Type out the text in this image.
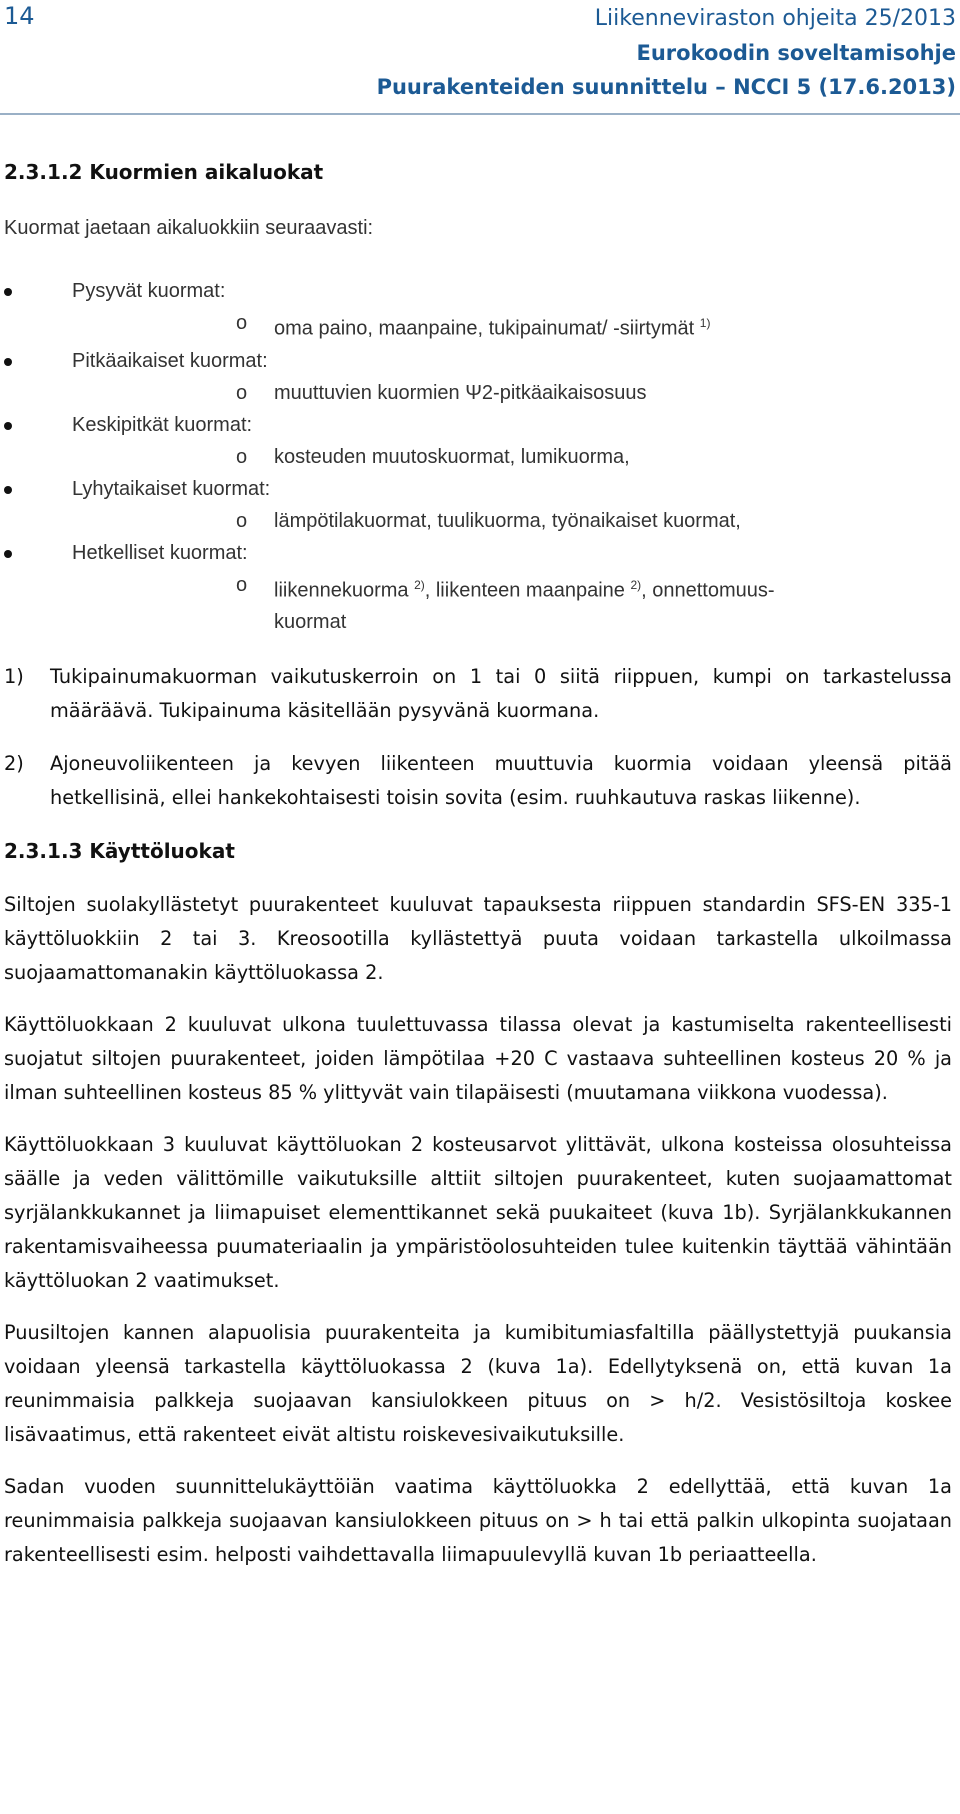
14	Liikenneviraston ohjeita 25/2013
Eurokoodin soveltamisohje
Puurakenteiden suunnittelu – NCCI 5 (17.6.2013)
2.3.1.2 Kuormien aikaluokat

Kuormat jaetaan aikaluokkiin seuraavasti:

Pysyvät kuormat:
o oma paino, maanpaine, tukipainumat/ -siirtymät $^{1)}$
Pitkäaikaiset kuormat:
o muuttuvien kuormien Ψ2-pitkäaikaisosuus
Keskipitkät kuormat:
o kosteuden muutoskuormat, lumikuorma,
Lyhytaikaiset kuormat:
o lämpötilakuormat, tuulikuorma, työnaikaiset kuormat,
Hetkelliset kuormat:
o liikennekuorma $^{2)}$, liikenteen maanpaine $^{2)}$, onnettomuus-
kuormat
1)	Tukipainumakuorman vaikutuskerroin on 1 tai 0 siitä riippuen, kumpi on tarkastelussa määräävä. Tukipainuma käsitellään pysyvänä kuormana.
2)	Ajoneuvoliikenteen ja kevyen liikenteen muuttuvia kuormia voidaan yleensä pitää hetkellisinä, ellei hankekohtaisesti toisin sovita (esim. ruuhkautuva raskas liikenne).
2.3.1.3 Käyttöluokat

Siltojen suolakyllästetyt puurakenteet kuuluvat tapauksesta riippuen standardin SFS-EN 335-1 käyttöluokkiin 2 tai 3. Kreosootilla kyllästettyä puuta voidaan tarkastella ulkoilmassa suojaamattomanakin käyttöluokassa 2.

Käyttöluokkaan 2 kuuluvat ulkona tuulettuvassa tilassa olevat ja kastumiselta rakenteellisesti suojatut siltojen puurakenteet, joiden lämpötilaa +20 C vastaava suhteellinen kosteus 20 % ja ilman suhteellinen kosteus 85 % ylittyvät vain tilapäisesti (muutamana viikkona vuodessa).

Käyttöluokkaan 3 kuuluvat käyttöluokan 2 kosteusarvot ylittävät, ulkona kosteissa olosuhteissa säälle ja veden välittömille vaikutuksille alttiit siltojen puurakenteet, kuten suojaamattomat syrjälankkukannet ja liimapuiset elementtikannet sekä puukaiteet (kuva 1b). Syrjälankkukannen rakentamisvaiheessa puumateriaalin ja ympäristöolosuhteiden tulee kuitenkin täyttää vähintään käyttöluokan 2 vaatimukset.

Puusiltojen kannen alapuolisia puurakenteita ja kumibitumiasfaltilla päällystettyjä puukansia voidaan yleensä tarkastella käyttöluokassa 2 (kuva 1a). Edellytyksenä on, että kuvan 1a reunimmaisia palkkeja suojaavan kansiulokkeen pituus on > h/2. Vesistösiltoja koskee lisävaatimus, että rakenteet eivät altistu roiskevesivaikutuksille.

Sadan vuoden suunnittelukäyttöiän vaatima käyttöluokka 2 edellyttää, että kuvan 1a reunimmaisia palkkeja suojaavan kansiulokkeen pituus on > h tai että palkin ulkopinta suojataan rakenteellisesti esim. helposti vaihdettavalla liimapuulevyllä kuvan 1b periaatteella.
